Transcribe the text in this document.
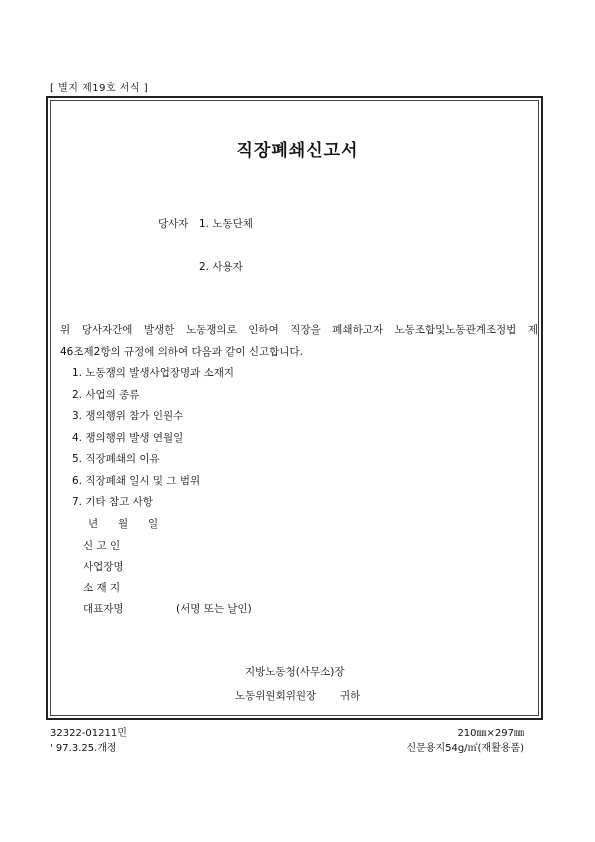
[ 별지 제19호 서식 ]
직장폐쇄신고서
당사자 1. 노동단체
2. 사용자
위 당사자간에 발생한 노동쟁의로 인하여 직장을 폐쇄하고자 노동조합및노동관계조정법 제
46조제2항의 규정에 의하여 다음과 같이 신고합니다.
1. 노동쟁의 발생사업장명과 소재지
2. 사업의 종류
3. 쟁의행위 참가 인원수
4. 쟁의행위 발생 연월일
5. 직장폐쇄의 이유
6. 직장폐쇄 일시 및 그 범위
7. 기타 참고 사항
년 월 일
신 고 인
사업장명
소 재 지
대표자명	(서명 또는 날인)
지방노동청(사무소)장
노동위원회위원장 귀하
32322-01211민
' 97.3.25.개정
210㎜×297㎜
신문용지54g/㎡(재활용품)
